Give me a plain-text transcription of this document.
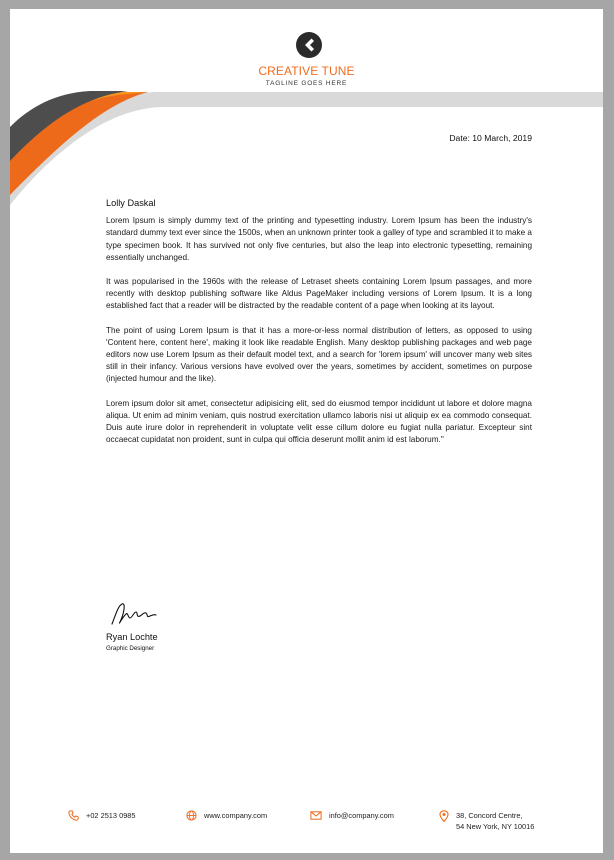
CREATIVE TUNE
TAGLINE GOES HERE
Date: 10 March, 2019
Lolly Daskal

Lorem Ipsum is simply dummy text of the printing and typesetting industry. Lorem Ipsum has been the industry's standard dummy text ever since the 1500s, when an unknown printer took a galley of type and scrambled it to make a type specimen book. It has survived not only five centuries, but also the leap into electronic typesetting, remaining essentially unchanged.

It was popularised in the 1960s with the release of Letraset sheets containing Lorem Ipsum passages, and more recently with desktop publishing software like Aldus PageMaker including versions of Lorem Ipsum. It is a long established fact that a reader will be distracted by the readable content of a page when looking at its layout.

The point of using Lorem Ipsum is that it has a more-or-less normal distribution of letters, as opposed to using 'Content here, content here', making it look like readable English. Many desktop publishing packages and web page editors now use Lorem Ipsum as their default model text, and a search for 'lorem ipsum' will uncover many web sites still in their infancy. Various versions have evolved over the years, sometimes by accident, sometimes on purpose (injected humour and the like).

Lorem ipsum dolor sit amet, consectetur adipisicing elit, sed do eiusmod tempor incididunt ut labore et dolore magna aliqua. Ut enim ad minim veniam, quis nostrud exercitation ullamco laboris nisi ut aliquip ex ea commodo consequat. Duis aute irure dolor in reprehenderit in voluptate velit esse cillum dolore eu fugiat nulla pariatur. Excepteur sint occaecat cupidatat non proident, sunt in culpa qui officia deserunt mollit anim id est laborum."

Ryan Lochte
Graphic Designer
+02 2513 0985	www.company.com	info@company.com	38, Concord Centre,
54 New York, NY 10016
